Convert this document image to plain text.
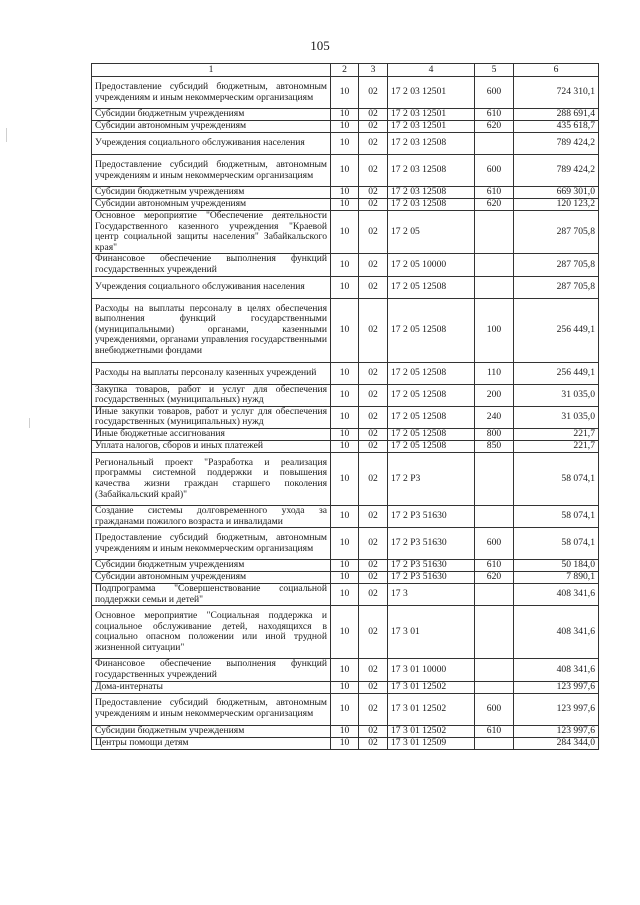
105
1	2	3	4	5	6
Предоставление субсидий бюджетным, автономным учреждениям и иным некоммерческим организациям	10	02	17 2 03 12501	600	724 310,1
Субсидии бюджетным учреждениям	10	02	17 2 03 12501	610	288 691,4
Субсидии автономным учреждениям	10	02	17 2 03 12501	620	435 618,7
Учреждения социального обслуживания населения	10	02	17 2 03 12508		789 424,2
Предоставление субсидий бюджетным, автономным учреждениям и иным некоммерческим организациям	10	02	17 2 03 12508	600	789 424,2
Субсидии бюджетным учреждениям	10	02	17 2 03 12508	610	669 301,0
Субсидии автономным учреждениям	10	02	17 2 03 12508	620	120 123,2
Основное мероприятие "Обеспечение деятельности Государственного казенного учреждения "Краевой центр социальной защиты населения" Забайкальского края"	10	02	17 2 05		287 705,8
Финансовое обеспечение выполнения функций государственных учреждений	10	02	17 2 05 10000		287 705,8
Учреждения социального обслуживания населения	10	02	17 2 05 12508		287 705,8
Расходы на выплаты персоналу в целях обеспечения выполнения функций государственными (муниципальными) органами, казенными учреждениями, органами управления государственными внебюджетными фондами	10	02	17 2 05 12508	100	256 449,1
Расходы на выплаты персоналу казенных учреждений	10	02	17 2 05 12508	110	256 449,1
Закупка товаров, работ и услуг для обеспечения государственных (муниципальных) нужд	10	02	17 2 05 12508	200	31 035,0
Иные закупки товаров, работ и услуг для обеспечения государственных (муниципальных) нужд	10	02	17 2 05 12508	240	31 035,0
Иные бюджетные ассигнования	10	02	17 2 05 12508	800	221,7
Уплата налогов, сборов и иных платежей	10	02	17 2 05 12508	850	221,7
Региональный проект "Разработка и реализация программы системной поддержки и повышения качества жизни граждан старшего поколения (Забайкальский край)"	10	02	17 2 P3		58 074,1
Создание системы долговременного ухода за гражданами пожилого возраста и инвалидами	10	02	17 2 P3 51630		58 074,1
Предоставление субсидий бюджетным, автономным учреждениям и иным некоммерческим организациям	10	02	17 2 P3 51630	600	58 074,1
Субсидии бюджетным учреждениям	10	02	17 2 P3 51630	610	50 184,0
Субсидии автономным учреждениям	10	02	17 2 P3 51630	620	7 890,1
Подпрограмма "Совершенствование социальной поддержки семьи и детей"	10	02	17 3		408 341,6
Основное мероприятие "Социальная поддержка и социальное обслуживание детей, находящихся в социально опасном положении или иной трудной жизненной ситуации"	10	02	17 3 01		408 341,6
Финансовое обеспечение выполнения функций государственных учреждений	10	02	17 3 01 10000		408 341,6
Дома-интернаты	10	02	17 3 01 12502		123 997,6
Предоставление субсидий бюджетным, автономным учреждениям и иным некоммерческим организациям	10	02	17 3 01 12502	600	123 997,6
Субсидии бюджетным учреждениям	10	02	17 3 01 12502	610	123 997,6
Центры помощи детям	10	02	17 3 01 12509		284 344,0
